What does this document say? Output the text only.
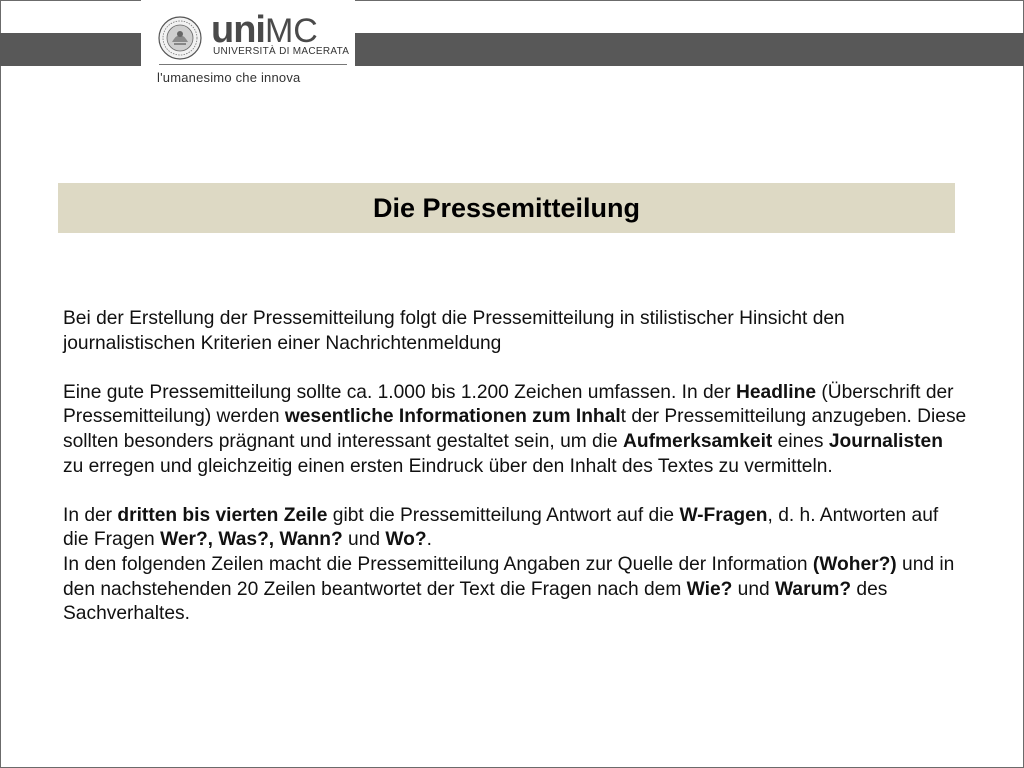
uniMC
UNIVERSITÀ DI MACERATA
l'umanesimo che innova
Die Pressemitteilung

Bei der Erstellung der Pressemitteilung folgt die Pressemitteilung in stilistischer Hinsicht den journalistischen Kriterien einer Nachrichtenmeldung

Eine gute Pressemitteilung sollte ca. 1.000 bis 1.200 Zeichen umfassen. In der Headline (Überschrift der Pressemitteilung) werden wesentliche Informationen zum Inhalt der Pressemitteilung anzugeben. Diese sollten besonders prägnant und interessant gestaltet sein, um die Aufmerksamkeit eines Journalisten zu erregen und gleichzeitig einen ersten Eindruck über den Inhalt des Textes zu vermitteln.

In der dritten bis vierten Zeile gibt die Pressemitteilung Antwort auf die W-Fragen, d. h. Antworten auf die Fragen Wer?, Was?, Wann? und Wo?.

In den folgenden Zeilen macht die Pressemitteilung Angaben zur Quelle der Information (Woher?) und in den nachstehenden 20 Zeilen beantwortet der Text die Fragen nach dem Wie? und Warum? des Sachverhaltes.
